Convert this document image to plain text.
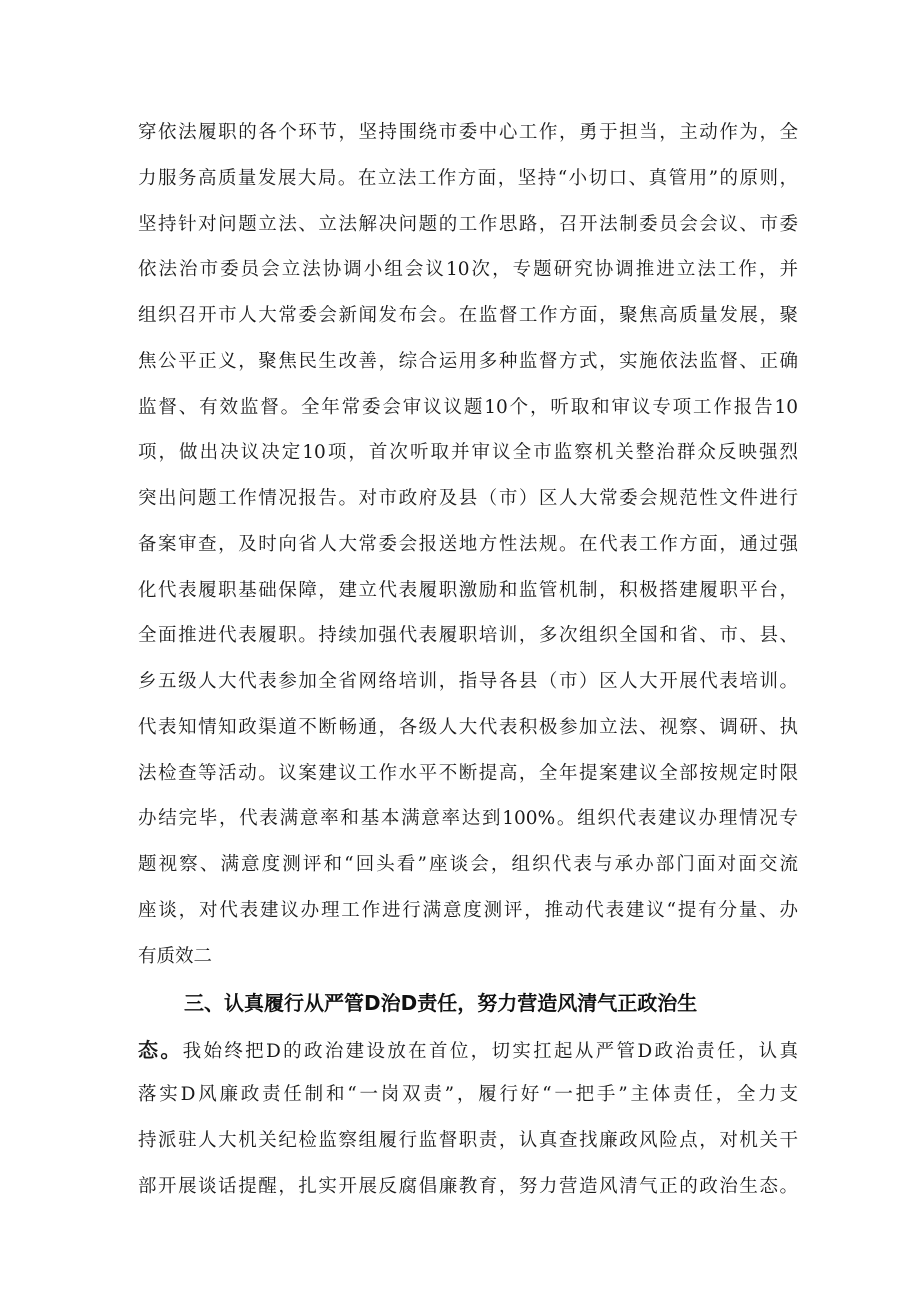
穿依法履职的各个环节，坚持围绕市委中心工作，勇于担当，主动作为，全
力服务高质量发展大局。在立法工作方面，坚持“小切口、真管用”的原则，
坚持针对问题立法、立法解决问题的工作思路，召开法制委员会会议、市委
依法治市委员会立法协调小组会议10次，专题研究协调推进立法工作，并
组织召开市人大常委会新闻发布会。在监督工作方面，聚焦高质量发展，聚
焦公平正义，聚焦民生改善，综合运用多种监督方式，实施依法监督、正确
监督、有效监督。全年常委会审议议题10个，听取和审议专项工作报告10
项，做出决议决定10项，首次听取并审议全市监察机关整治群众反映强烈
突出问题工作情况报告。对市政府及县（市）区人大常委会规范性文件进行
备案审查，及时向省人大常委会报送地方性法规。在代表工作方面，通过强
化代表履职基础保障，建立代表履职激励和监管机制，积极搭建履职平台，
全面推进代表履职。持续加强代表履职培训，多次组织全国和省、市、县、
乡五级人大代表参加全省网络培训，指导各县（市）区人大开展代表培训。
代表知情知政渠道不断畅通，各级人大代表积极参加立法、视察、调研、执
法检查等活动。议案建议工作水平不断提高，全年提案建议全部按规定时限
办结完毕，代表满意率和基本满意率达到100%。组织代表建议办理情况专
题视察、满意度测评和“回头看”座谈会，组织代表与承办部门面对面交流
座谈，对代表建议办理工作进行满意度测评，推动代表建议“提有分量、办
有质效二
三、认真履行从严管D治D责任，努力营造风清气正政治生
态。我始终把D的政治建设放在首位，切实扛起从严管D政治责任，认真
落实D风廉政责任制和“一岗双责”，履行好“一把手”主体责任，全力支
持派驻人大机关纪检监察组履行监督职责，认真查找廉政风险点，对机关干
部开展谈话提醒，扎实开展反腐倡廉教育，努力营造风清气正的政治生态。
